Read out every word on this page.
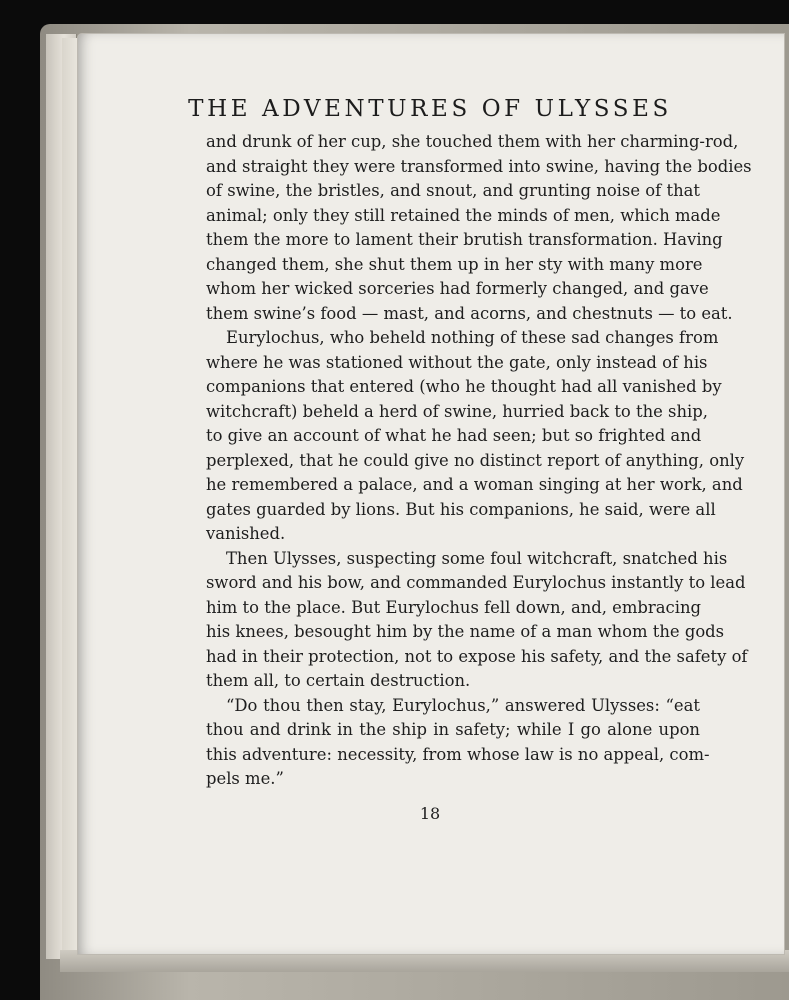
THE ADVENTURES OF ULYSSES
and drunk of her cup, she touched them with her charming-rod,
and straight they were transformed into swine, having the bodies
of swine, the bristles, and snout, and grunting noise of that
animal; only they still retained the minds of men, which made
them the more to lament their brutish transformation. Having
changed them, she shut them up in her sty with many more
whom her wicked sorceries had formerly changed, and gave
them swine’s food — mast, and acorns, and chestnuts — to eat.
Eurylochus, who beheld nothing of these sad changes from
where he was stationed without the gate, only instead of his
companions that entered (who he thought had all vanished by
witchcraft) beheld a herd of swine, hurried back to the ship,
to give an account of what he had seen; but so frighted and
perplexed, that he could give no distinct report of anything, only
he remembered a palace, and a woman singing at her work, and
gates guarded by lions. But his companions, he said, were all
vanished.
Then Ulysses, suspecting some foul witchcraft, snatched his
sword and his bow, and commanded Eurylochus instantly to lead
him to the place. But Eurylochus fell down, and, embracing
his knees, besought him by the name of a man whom the gods
had in their protection, not to expose his safety, and the safety of
them all, to certain destruction.
“Do thou then stay, Eurylochus,” answered Ulysses: “eat
thou and drink in the ship in safety; while I go alone upon
this adventure: necessity, from whose law is no appeal, com-
pels me.”
18
